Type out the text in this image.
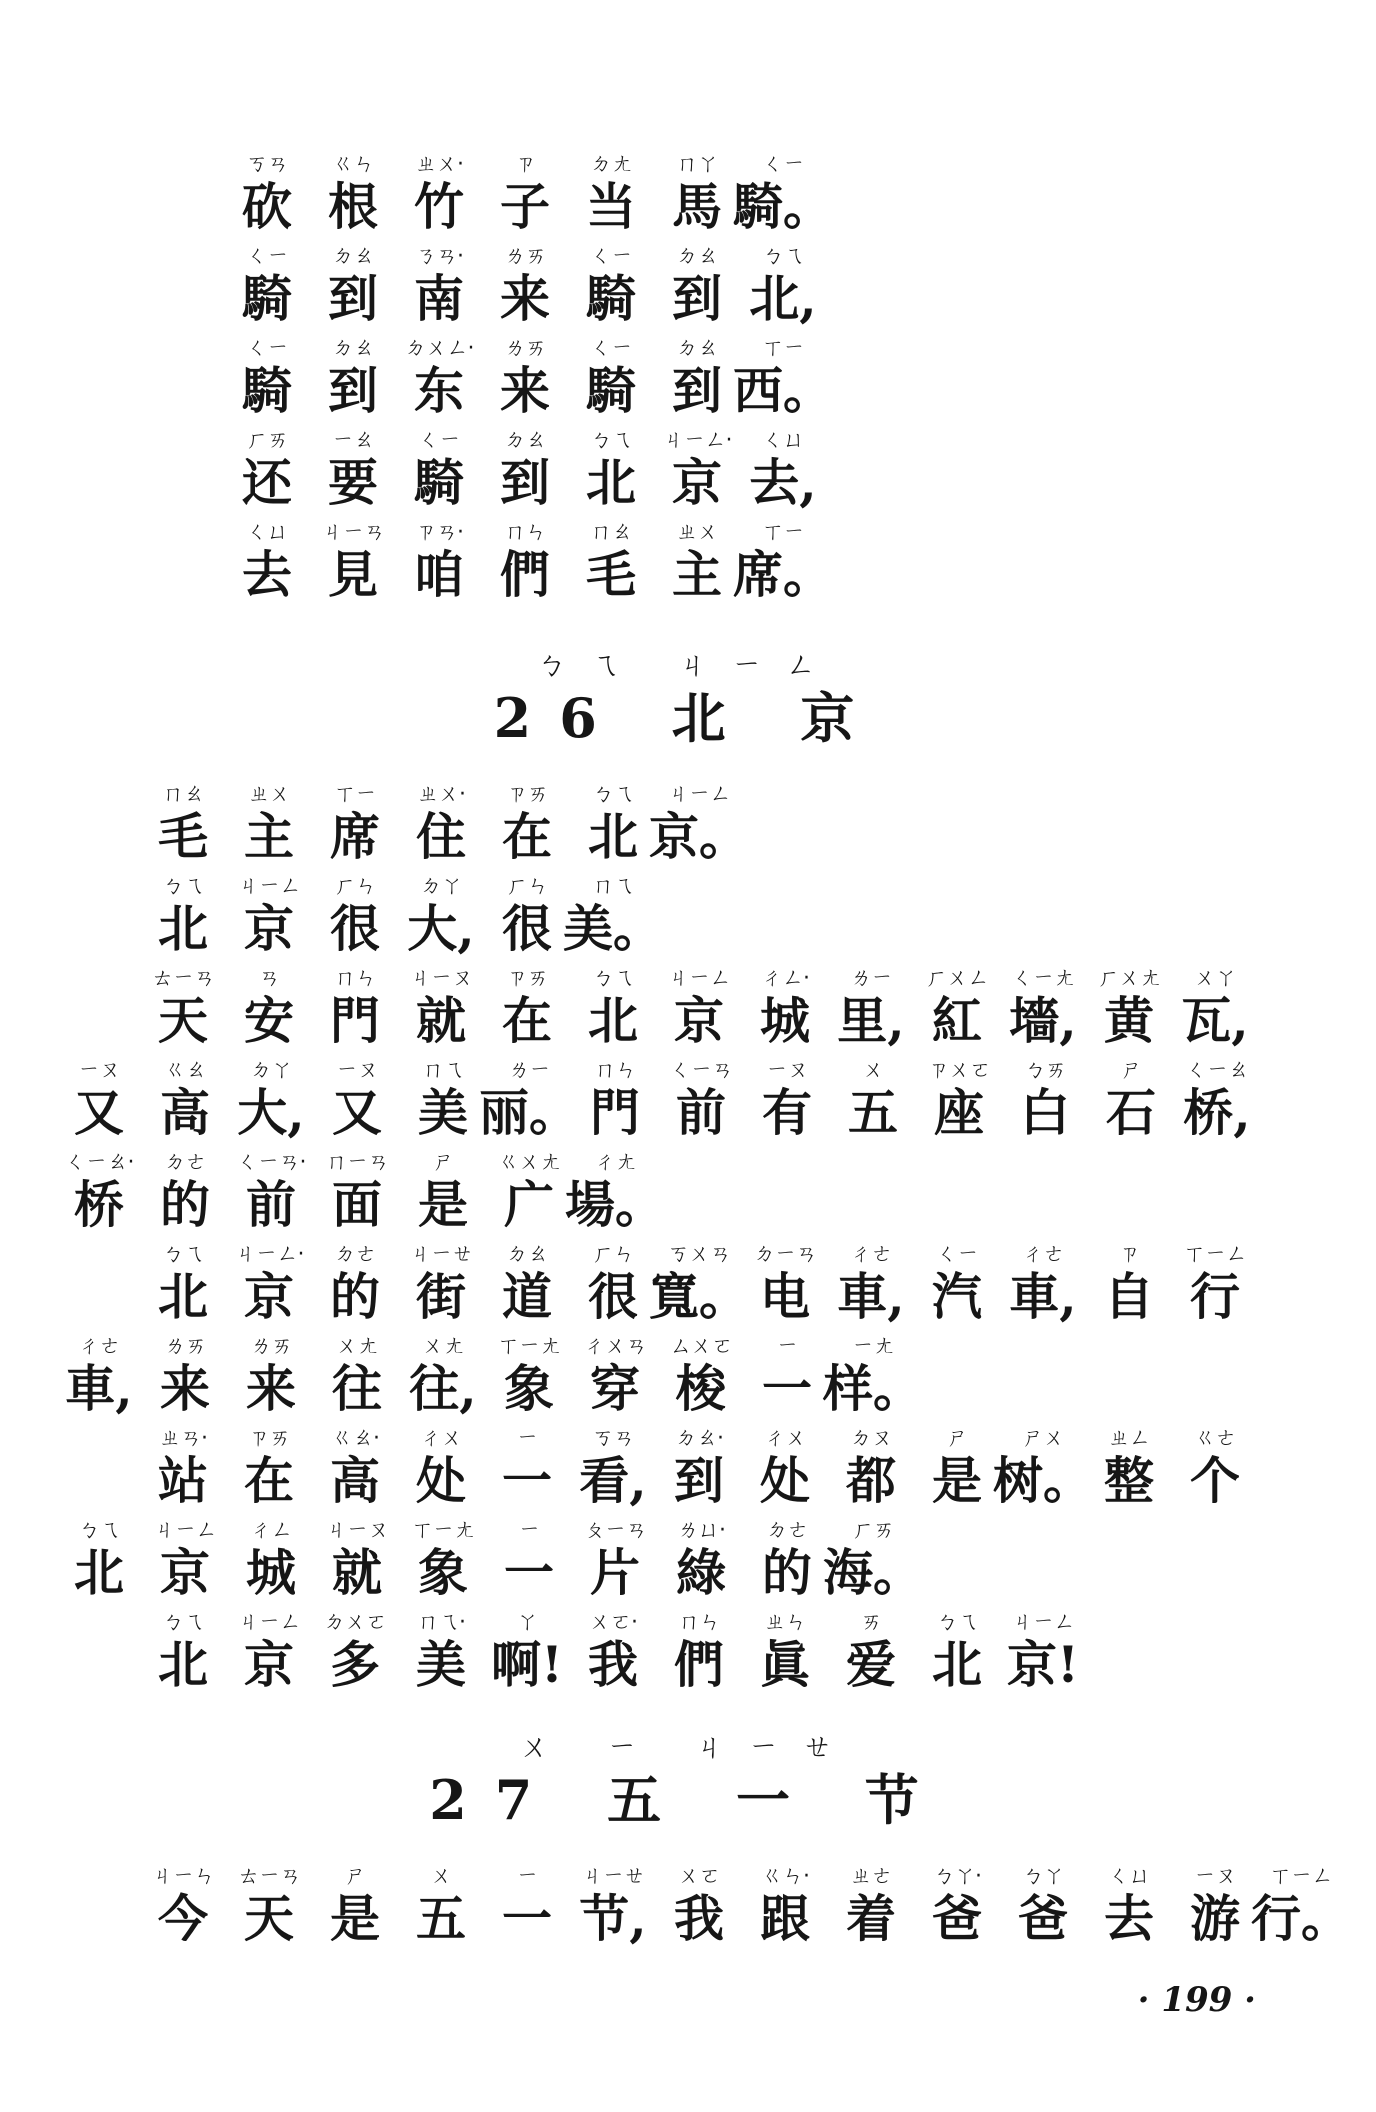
ㄎㄢ
砍
ㄍㄣ
根
ㄓㄨ·
竹
ㄗ
子
ㄉㄤ
当
ㄇㄚ
馬
ㄑㄧ
騎。
ㄑㄧ
騎
ㄉㄠ
到
ㄋㄢ·
南
ㄌㄞ
来
ㄑㄧ
騎
ㄉㄠ
到
ㄅㄟ
北,
ㄑㄧ
騎
ㄉㄠ
到
ㄉㄨㄥ·
东
ㄌㄞ
来
ㄑㄧ
騎
ㄉㄠ
到
ㄒㄧ
西。
ㄏㄞ
还
ㄧㄠ
要
ㄑㄧ
騎
ㄉㄠ
到
ㄅㄟ
北
ㄐㄧㄥ·
京
ㄑㄩ
去,
ㄑㄩ
去
ㄐㄧㄢ
見
ㄗㄢ·
咱
ㄇㄣ
們
ㄇㄠ
毛
ㄓㄨ
主
ㄒㄧ
席。
ㄅㄟ ㄐㄧㄥ
26 北 京
ㄇㄠ
毛
ㄓㄨ
主
ㄒㄧ
席
ㄓㄨ·
住
ㄗㄞ
在
ㄅㄟ
北
ㄐㄧㄥ
京。
ㄅㄟ
北
ㄐㄧㄥ
京
ㄏㄣ
很
ㄉㄚ
大,
ㄏㄣ
很
ㄇㄟ
美。
ㄊㄧㄢ
天
ㄢ
安
ㄇㄣ
門
ㄐㄧㄡ
就
ㄗㄞ
在
ㄅㄟ
北
ㄐㄧㄥ
京
ㄔㄥ·
城
ㄌㄧ
里,
ㄏㄨㄥ
紅
ㄑㄧㄤ
墻,
ㄏㄨㄤ
黄
ㄨㄚ
瓦,
ㄧㄡ
又
ㄍㄠ
高
ㄉㄚ
大,
ㄧㄡ
又
ㄇㄟ
美
ㄌㄧ
丽。
ㄇㄣ
門
ㄑㄧㄢ
前
ㄧㄡ
有
ㄨ
五
ㄗㄨㄛ
座
ㄅㄞ
白
ㄕ
石
ㄑㄧㄠ
桥,
ㄑㄧㄠ·
桥
ㄉㄜ
的
ㄑㄧㄢ·
前
ㄇㄧㄢ
面
ㄕ
是
ㄍㄨㄤ
广
ㄔㄤ
場。
ㄅㄟ
北
ㄐㄧㄥ·
京
ㄉㄜ
的
ㄐㄧㄝ
街
ㄉㄠ
道
ㄏㄣ
很
ㄎㄨㄢ
寬。
ㄉㄧㄢ
电
ㄔㄜ
車,
ㄑㄧ
汽
ㄔㄜ
車,
ㄗ
自
ㄒㄧㄥ
行
ㄔㄜ
車,
ㄌㄞ
来
ㄌㄞ
来
ㄨㄤ
往
ㄨㄤ
往,
ㄒㄧㄤ
象
ㄔㄨㄢ
穿
ㄙㄨㄛ
梭
ㄧ
一
ㄧㄤ
样。
ㄓㄢ·
站
ㄗㄞ
在
ㄍㄠ·
高
ㄔㄨ
处
ㄧ
一
ㄎㄢ
看,
ㄉㄠ·
到
ㄔㄨ
处
ㄉㄡ
都
ㄕ
是
ㄕㄨ
树。
ㄓㄥ
整
ㄍㄜ
个
ㄅㄟ
北
ㄐㄧㄥ
京
ㄔㄥ
城
ㄐㄧㄡ
就
ㄒㄧㄤ
象
ㄧ
一
ㄆㄧㄢ
片
ㄌㄩ·
綠
ㄉㄜ
的
ㄏㄞ
海。
ㄅㄟ
北
ㄐㄧㄥ
京
ㄉㄨㄛ
多
ㄇㄟ·
美
ㄚ
啊!
ㄨㄛ·
我
ㄇㄣ
們
ㄓㄣ
眞
ㄞ
爱
ㄅㄟ
北
ㄐㄧㄥ
京!
ㄨ ㄧ ㄐㄧㄝ
27 五 一 节
ㄐㄧㄣ
今
ㄊㄧㄢ
天
ㄕ
是
ㄨ
五
ㄧ
一
ㄐㄧㄝ
节,
ㄨㄛ
我
ㄍㄣ·
跟
ㄓㄜ
着
ㄅㄚ·
爸
ㄅㄚ
爸
ㄑㄩ
去
ㄧㄡ
游
ㄒㄧㄥ
行。
· 199 ·
